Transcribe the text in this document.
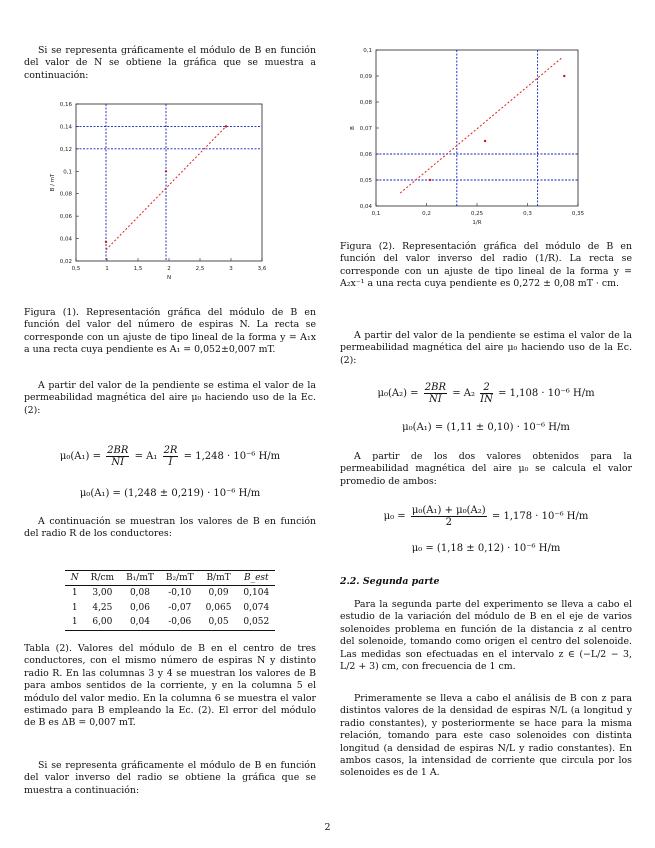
Si se representa gráficamente el módulo de B en función del valor de N se obtiene la gráfica que se muestra a continuación:

0,5	1	1,5	2	2,5	3	3,6
0,02
0,04
0,06
0,08
0,1
0,12
0,14
0,16
N
B / mT

Figura (1). Representación gráfica del módulo de B en función del valor del número de espiras N. La recta se corresponde con un ajuste de tipo lineal de la forma y = A₁x a una recta cuya pendiente es A₁ = 0,052±0,007 mT.

A partir del valor de la pendiente se estima el valor de la permeabilidad magnética del aire μ₀ haciendo uso de la Ec. (2):

$\mu_0(A_1) = \frac{2BR}{NI} = A_1 \frac{2R}{I} = 1,248 \cdot 10^{-6}$ H/m
μ₀(A₁) = (1,248 ± 0,219) · 10⁻⁶ H/m

A continuación se muestran los valores de B en función del radio R de los conductores:

N	R/cm	B₁/mT	B₂/mT	B/mT	B_est
1	3,00	0,08	-0,10	0,09	0,104
1	4,25	0,06	-0,07	0,065	0,074
1	6,00	0,04	-0,06	0,05	0,052

Tabla (2). Valores del módulo de B en el centro de tres conductores, con el mismo número de espiras N y distinto radio R. En las columnas 3 y 4 se muestran los valores de B para ambos sentidos de la corriente, y en la columna 5 el módulo del valor medio. En la columna 6 se muestra el valor estimado para B empleando la Ec. (2). El error del módulo de B es ΔB = 0,007 mT.

Si se representa gráficamente el módulo de B en función del valor inverso del radio se obtiene la gráfica que se muestra a continuación:

0,1	0,2	0,25	0,3	0,35
0,04
0,05
0,06
0,07
0,08
0,09
0,1
1/R
B

Figura (2). Representación gráfica del módulo de B en función del valor inverso del radio (1/R). La recta se corresponde con un ajuste de tipo lineal de la forma y = A₂x⁻¹ a una recta cuya pendiente es 0,272 ± 0,08 mT · cm.

A partir del valor de la pendiente se estima el valor de la permeabilidad magnética del aire μ₀ haciendo uso de la Ec. (2):

$\mu_0(A_2) = \frac{2BR}{NI} = A_2 \frac{2}{IN} = 1,108 \cdot 10^{-6}$ H/m
μ₀(A₁) = (1,11 ± 0,10) · 10⁻⁶ H/m

A partir de los dos valores obtenidos para la permeabilidad magnética del aire μ₀ se calcula el valor promedio de ambos:

$\mu_0 = \frac{\text{μ₀(A₁) + μ₀(A₂)}}{2} = 1,178 \cdot 10^{-6}$ H/m
μ₀ = (1,18 ± 0,12) · 10⁻⁶ H/m

2.2. Segunda parte

Para la segunda parte del experimento se lleva a cabo el estudio de la variación del módulo de B en el eje de varios solenoides problema en función de la distancia z al centro del solenoide, tomando como origen el centro del solenoide. Las medidas son efectuadas en el intervalo z ∈ (−L/2 − 3, L/2 + 3) cm, con frecuencia de 1 cm.

Primeramente se lleva a cabo el análisis de B con z para distintos valores de la densidad de espiras N/L (a longitud y radio constantes), y posteriormente se hace para la misma relación, tomando para este caso solenoides con distinta longitud (a densidad de espiras N/L y radio constantes). En ambos casos, la intensidad de corriente que circula por los solenoides es de 1 A.

2
